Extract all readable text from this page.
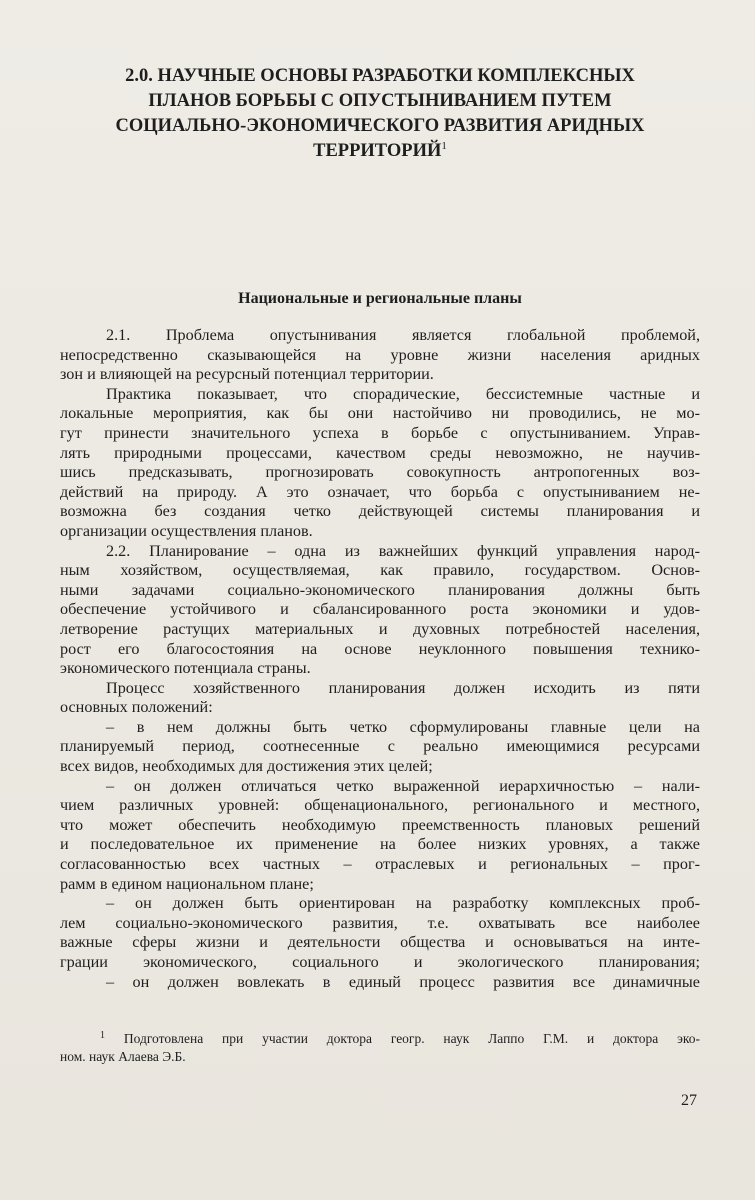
2.0. НАУЧНЫЕ ОСНОВЫ РАЗРАБОТКИ КОМПЛЕКСНЫХ
ПЛАНОВ БОРЬБЫ С ОПУСТЫНИВАНИЕМ ПУТЕМ
СОЦИАЛЬНО-ЭКОНОМИЧЕСКОГО РАЗВИТИЯ АРИДНЫХ
ТЕРРИТОРИЙ$^1$
Национальные и региональные планы
2.1. Проблема опустынивания является глобальной проблемой,
непосредственно сказывающейся на уровне жизни населения аридных
зон и влияющей на ресурсный потенциал территории.
Практика показывает, что спорадические, бессистемные частные и
локальные мероприятия, как бы они настойчиво ни проводились, не мо-
гут принести значительного успеха в борьбе с опустыниванием. Управ-
лять природными процессами, качеством среды невозможно, не научив-
шись предсказывать, прогнозировать совокупность антропогенных воз-
действий на природу. А это означает, что борьба с опустыниванием не-
возможна без создания четко действующей системы планирования и
организации осуществления планов.
2.2. Планирование – одна из важнейших функций управления народ-
ным хозяйством, осуществляемая, как правило, государством. Основ-
ными задачами социально-экономического планирования должны быть
обеспечение устойчивого и сбалансированного роста экономики и удов-
летворение растущих материальных и духовных потребностей населения,
рост его благосостояния на основе неуклонного повышения технико-
экономического потенциала страны.
Процесс хозяйственного планирования должен исходить из пяти
основных положений:
– в нем должны быть четко сформулированы главные цели на
планируемый период, соотнесенные с реально имеющимися ресурсами
всех видов, необходимых для достижения этих целей;
– он должен отличаться четко выраженной иерархичностью – нали-
чием различных уровней: общенационального, регионального и местного,
что может обеспечить необходимую преемственность плановых решений
и последовательное их применение на более низких уровнях, а также
согласованностью всех частных – отраслевых и региональных – прог-
рамм в едином национальном плане;
– он должен быть ориентирован на разработку комплексных проб-
лем социально-экономического развития, т.е. охватывать все наиболее
важные сферы жизни и деятельности общества и основываться на инте-
грации экономического, социального и экологического планирования;
– он должен вовлекать в единый процесс развития все динамичные
$^1$ Подготовлена при участии доктора геогр. наук Лаппо Г.М. и доктора эко-
ном. наук Алаева Э.Б.
27
